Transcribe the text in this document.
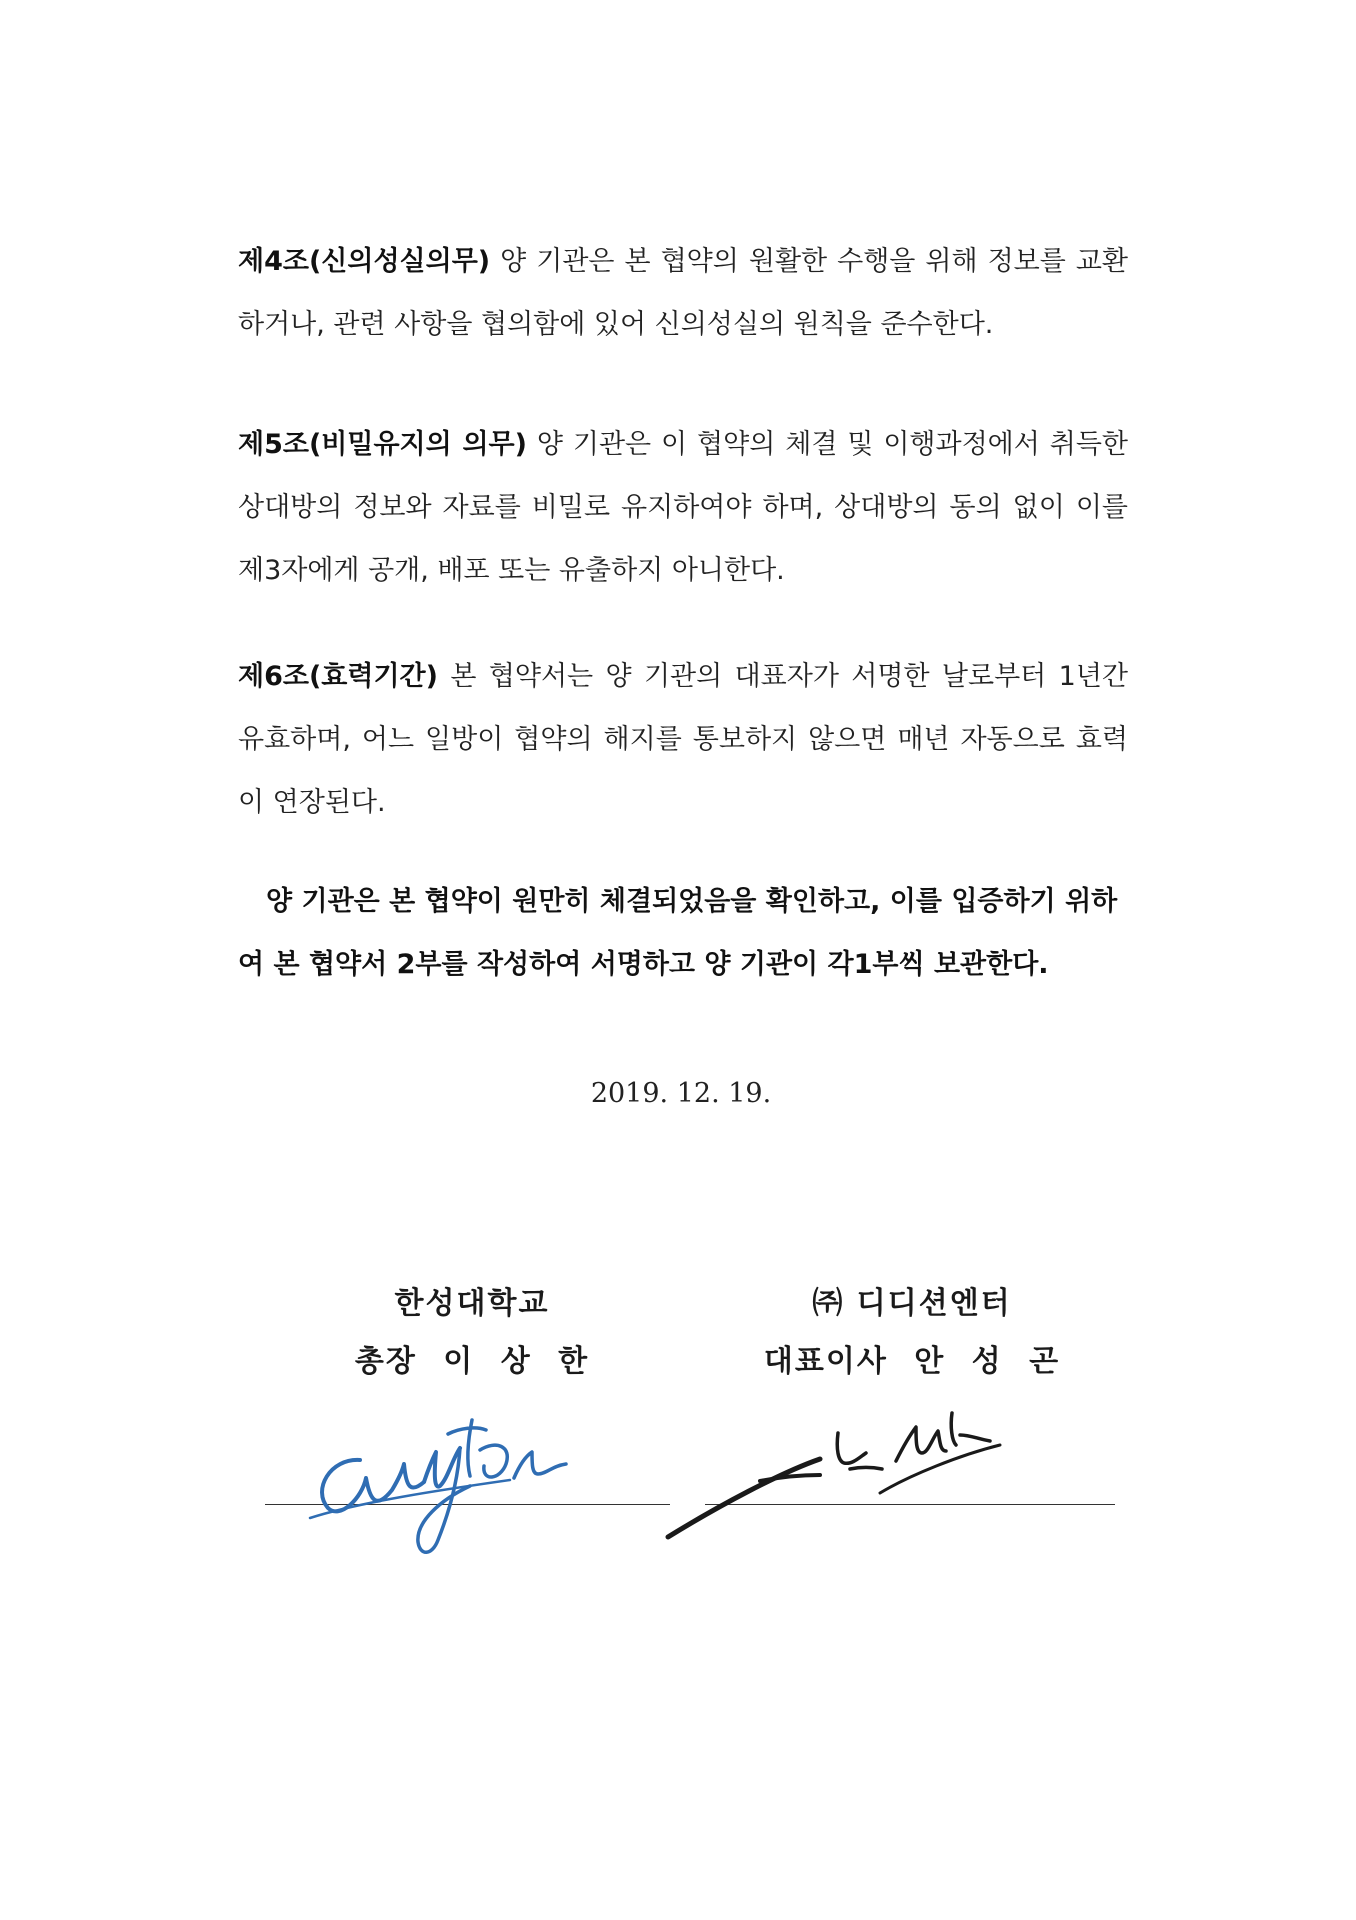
제4조(신의성실의무) 양 기관은 본 협약의 원활한 수행을 위해 정보를 교환하거나, 관련 사항을 협의함에 있어 신의성실의 원칙을 준수한다.
제5조(비밀유지의 의무) 양 기관은 이 협약의 체결 및 이행과정에서 취득한 상대방의 정보와 자료를 비밀로 유지하여야 하며, 상대방의 동의 없이 이를 제3자에게 공개, 배포 또는 유출하지 아니한다.
제6조(효력기간) 본 협약서는 양 기관의 대표자가 서명한 날로부터 1년간 유효하며, 어느 일방이 협약의 해지를 통보하지 않으면 매년 자동으로 효력이 연장된다.
양 기관은 본 협약이 원만히 체결되었음을 확인하고, 이를 입증하기 위하여 본 협약서 2부를 작성하여 서명하고 양 기관이 각1부씩 보관한다.
2019. 12. 19.
한성대학교
총장 이 상 한
㈜ 디디션엔터
대표이사 안 성 곤
